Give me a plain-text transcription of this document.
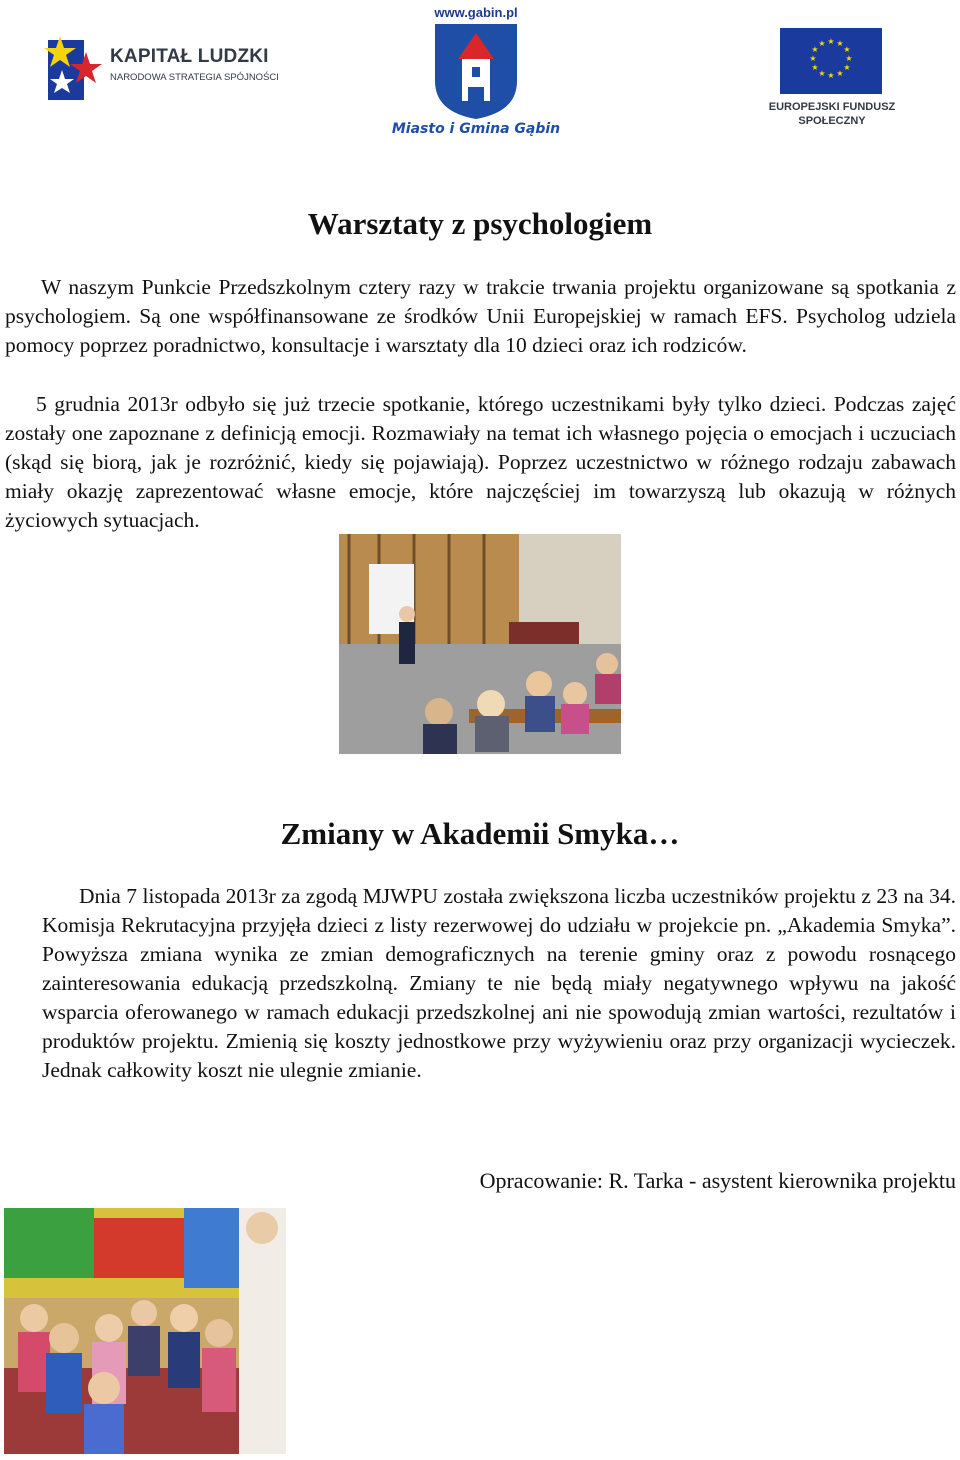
KAPITAŁ LUDZKI
NARODOWA STRATEGIA SPÓJNOŚCI
www.gabin.pl
Miasto i Gmina Gąbin
★ ★
★
★
★
★
★
★
★
★
★
★
EUROPEJSKI FUNDUSZ
SPOŁECZNY
Warsztaty z psychologiem

W naszym Punkcie Przedszkolnym cztery razy w trakcie trwania projektu organizowane są spotkania z psychologiem. Są one współfinansowane ze środków Unii Europejskiej w ramach EFS. Psycholog udziela pomocy poprzez poradnictwo, konsultacje i warsztaty dla 10 dzieci oraz ich rodziców.

5 grudnia 2013r odbyło się już trzecie spotkanie, którego uczestnikami były tylko dzieci. Podczas zajęć zostały one zapoznane z definicją emocji. Rozmawiały na temat ich własnego pojęcia o emocjach i uczuciach (skąd się biorą, jak je rozróżnić, kiedy się pojawiają). Poprzez uczestnictwo w różnego rodzaju zabawach miały okazję zaprezentować własne emocje, które najczęściej im towarzyszą lub okazują w różnych życiowych sytuacjach.

Zmiany w Akademii Smyka…

Dnia 7 listopada 2013r za zgodą MJWPU została zwiększona liczba uczestników projektu z 23 na 34. Komisja Rekrutacyjna przyjęła dzieci z listy rezerwowej do udziału w projekcie pn. „Akademia Smyka”. Powyższa zmiana wynika ze zmian demograficznych na terenie gminy oraz z powodu rosnącego zainteresowania edukacją przedszkolną. Zmiany te nie będą miały negatywnego wpływu na jakość wsparcia oferowanego w ramach edukacji przedszkolnej ani nie spowodują zmian wartości, rezultatów i produktów projektu. Zmienią się koszty jednostkowe przy wyżywieniu oraz przy organizacji wycieczek. Jednak całkowity koszt nie ulegnie zmianie.

Opracowanie: R. Tarka - asystent kierownika projektu
